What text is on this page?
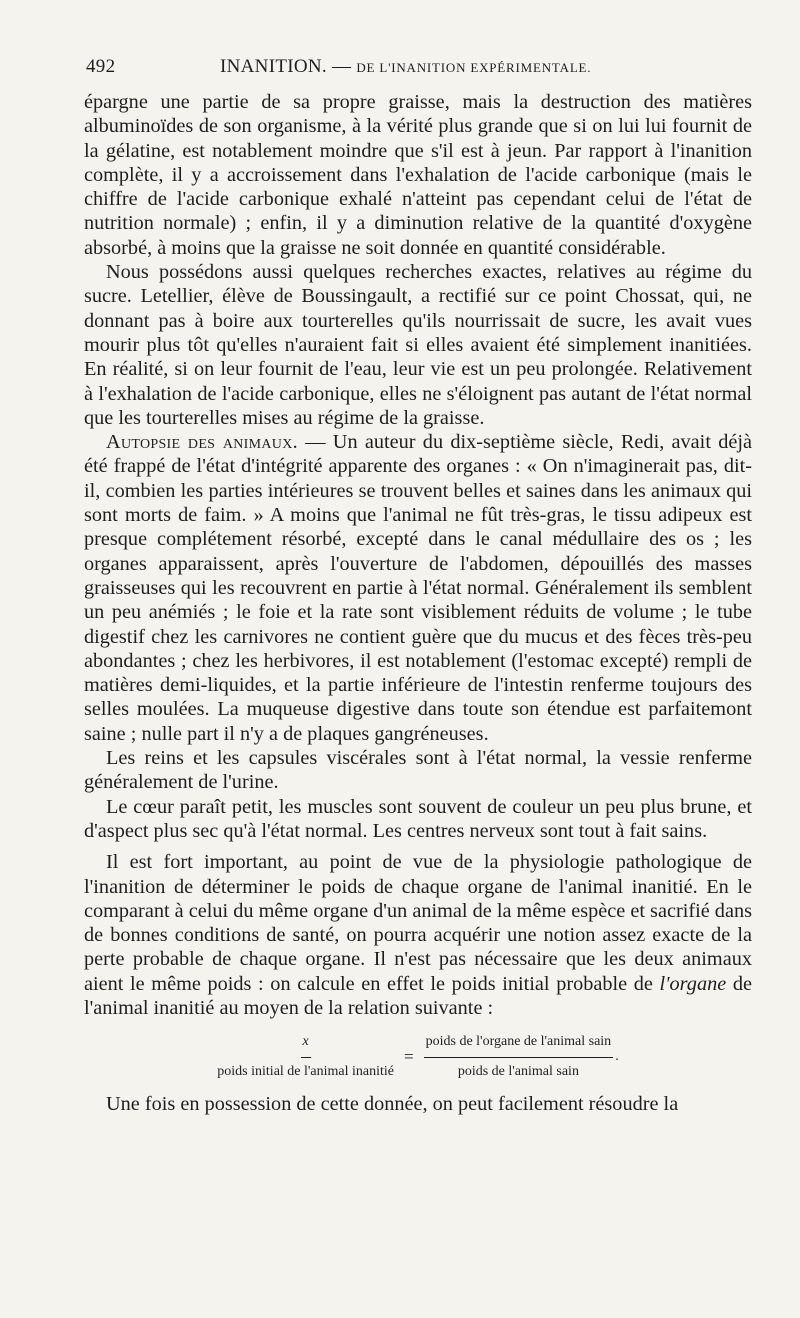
492	INANITION. — DE L'INANITION EXPÉRIMENTALE.

épargne une partie de sa propre graisse, mais la destruction des matières albuminoïdes de son organisme, à la vérité plus grande que si on lui lui fournit de la gélatine, est notablement moindre que s'il est à jeun. Par rapport à l'inanition complète, il y a accroissement dans l'exhalation de l'acide carbonique (mais le chiffre de l'acide carbonique exhalé n'atteint pas cependant celui de l'état de nutrition normale) ; enfin, il y a diminution relative de la quantité d'oxygène absorbé, à moins que la graisse ne soit donnée en quantité considérable.

Nous possédons aussi quelques recherches exactes, relatives au régime du sucre. Letellier, élève de Boussingault, a rectifié sur ce point Chossat, qui, ne donnant pas à boire aux tourterelles qu'ils nourrissait de sucre, les avait vues mourir plus tôt qu'elles n'auraient fait si elles avaient été simplement inanitiées. En réalité, si on leur fournit de l'eau, leur vie est un peu prolongée. Relativement à l'exhalation de l'acide carbonique, elles ne s'éloignent pas autant de l'état normal que les tourterelles mises au régime de la graisse.

Autopsie des animaux. — Un auteur du dix-septième siècle, Redi, avait déjà été frappé de l'état d'intégrité apparente des organes : « On n'imaginerait pas, dit-il, combien les parties intérieures se trouvent belles et saines dans les animaux qui sont morts de faim. » A moins que l'animal ne fût très-gras, le tissu adipeux est presque complétement résorbé, excepté dans le canal médullaire des os ; les organes apparaissent, après l'ouverture de l'abdomen, dépouillés des masses graisseuses qui les recouvrent en partie à l'état normal. Généralement ils semblent un peu anémiés ; le foie et la rate sont visiblement réduits de volume ; le tube digestif chez les carnivores ne contient guère que du mucus et des fèces très-peu abondantes ; chez les herbivores, il est notablement (l'estomac excepté) rempli de matières demi-liquides, et la partie inférieure de l'intestin renferme toujours des selles moulées. La muqueuse digestive dans toute son étendue est parfaitemont saine ; nulle part il n'y a de plaques gangréneuses.

Les reins et les capsules viscérales sont à l'état normal, la vessie renferme généralement de l'urine.

Le cœur paraît petit, les muscles sont souvent de couleur un peu plus brune, et d'aspect plus sec qu'à l'état normal. Les centres nerveux sont tout à fait sains.

Il est fort important, au point de vue de la physiologie pathologique de l'inanition de déterminer le poids de chaque organe de l'animal inanitié. En le comparant à celui du même organe d'un animal de la même espèce et sacrifié dans de bonnes conditions de santé, on pourra acquérir une notion assez exacte de la perte probable de chaque organe. Il n'est pas nécessaire que les deux animaux aient le même poids : on calcule en effet le poids initial probable de l'organe de l'animal inanitié au moyen de la relation suivante :

$\frac{x}{\text{poids initial de l'animal inanitié}} = \frac{\text{poids de l'organe de l'animal sain}}{\text{poids de l'animal sain}}$ .

Une fois en possession de cette donnée, on peut facilement résoudre la
